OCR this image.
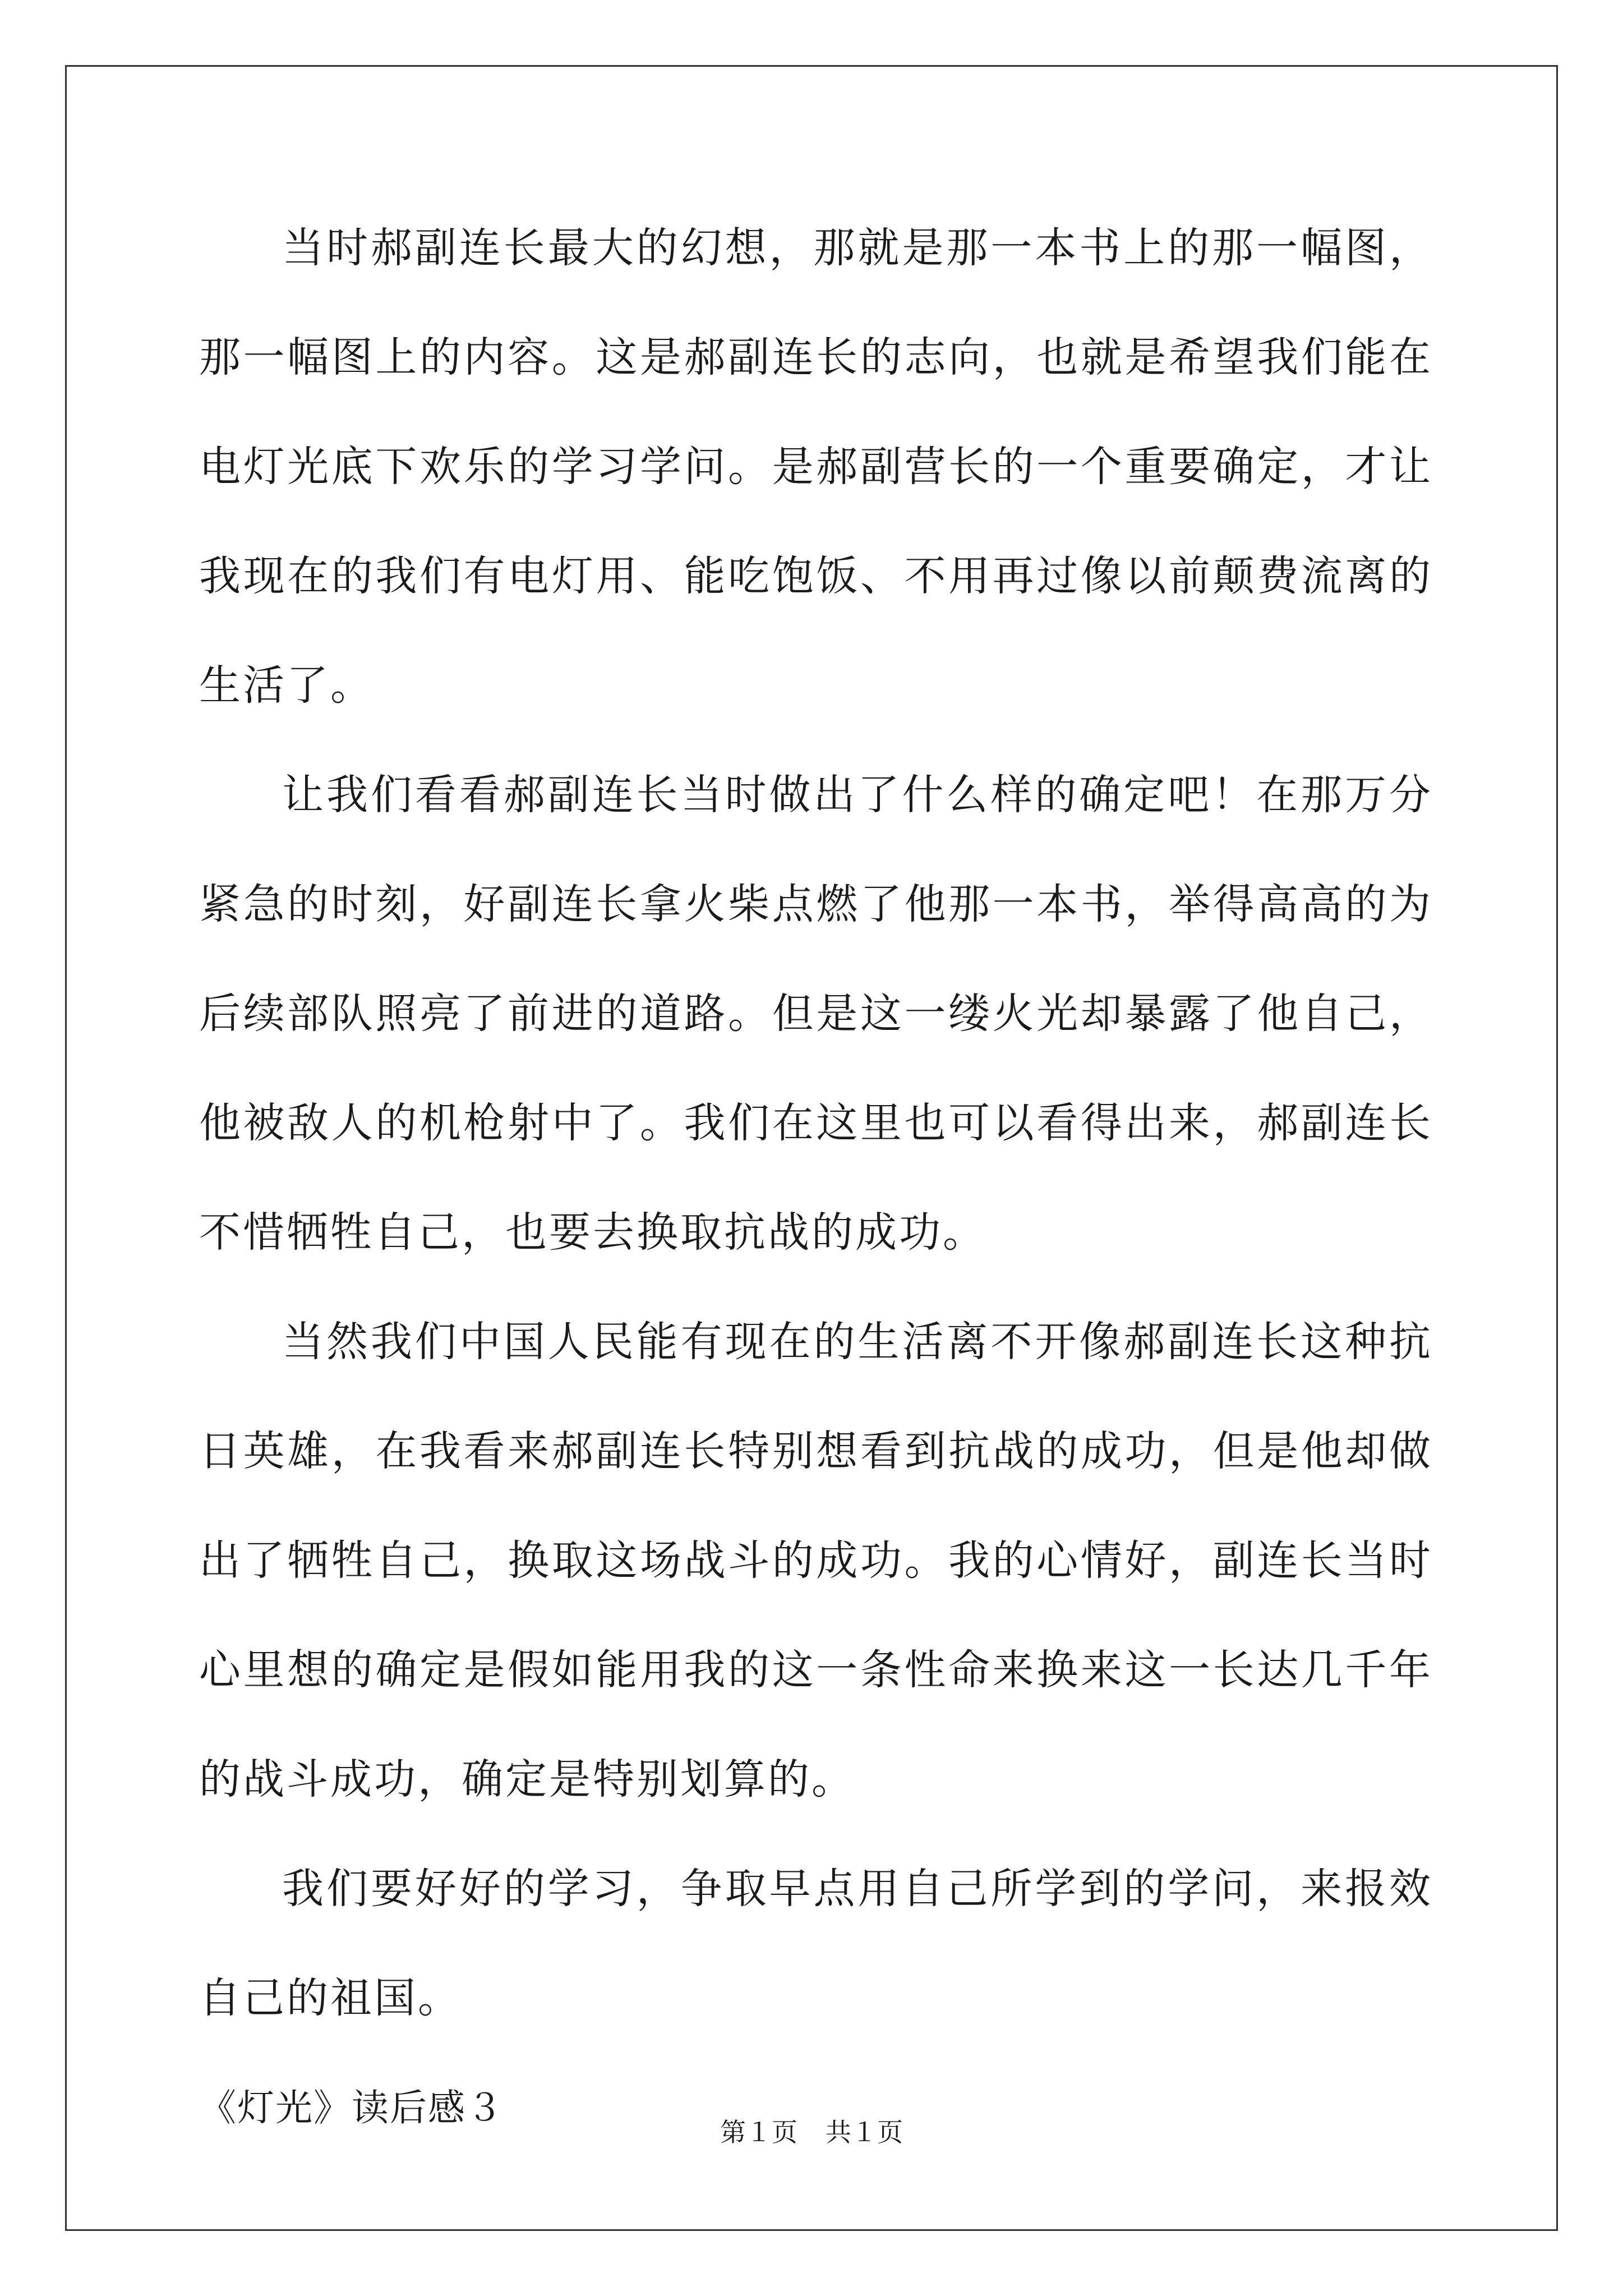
当时郝副连长最大的幻想，那就是那一本书上的那一幅图，那一幅图上的内容。这是郝副连长的志向，也就是希望我们能在电灯光底下欢乐的学习学问。是郝副营长的一个重要确定，才让我现在的我们有电灯用、能吃饱饭、不用再过像以前颠费流离的生活了。

让我们看看郝副连长当时做出了什么样的确定吧！在那万分紧急的时刻，好副连长拿火柴点燃了他那一本书，举得高高的为后续部队照亮了前进的道路。但是这一缕火光却暴露了他自己，他被敌人的机枪射中了。我们在这里也可以看得出来，郝副连长不惜牺牲自己，也要去换取抗战的成功。

当然我们中国人民能有现在的生活离不开像郝副连长这种抗日英雄，在我看来郝副连长特别想看到抗战的成功，但是他却做出了牺牲自己，换取这场战斗的成功。我的心情好，副连长当时心里想的确定是假如能用我的这一条性命来换来这一长达几千年的战斗成功，确定是特别划算的。

我们要好好的学习，争取早点用自己所学到的学问，来报效自己的祖国。

《灯光》读后感３

第１页 共１页
